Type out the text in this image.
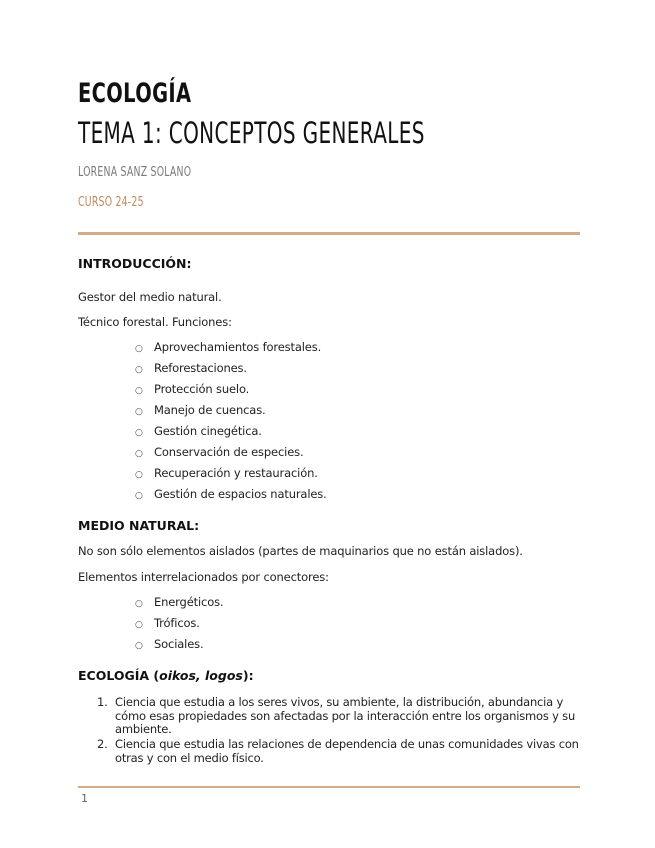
ECOLOGÍA
TEMA 1: CONCEPTOS GENERALES
LORENA SANZ SOLANO
CURSO 24-25
INTRODUCCIÓN:
Gestor del medio natural.
Técnico forestal. Funciones:
○ Aprovechamientos forestales.
○ Reforestaciones.
○ Protección suelo.
○ Manejo de cuencas.
○ Gestión cinegética.
○ Conservación de especies.
○ Recuperación y restauración.
○ Gestión de espacios naturales.
MEDIO NATURAL:
No son sólo elementos aislados (partes de maquinarios que no están aislados).
Elementos interrelacionados por conectores:
○ Energéticos.
○ Tróficos.
○ Sociales.
ECOLOGÍA (oikos, logos):
1. Ciencia que estudia a los seres vivos, su ambiente, la distribución, abundancia y cómo esas propiedades son afectadas por la interacción entre los organismos y su ambiente.
2. Ciencia que estudia las relaciones de dependencia de unas comunidades vivas con otras y con el medio físico.
1
